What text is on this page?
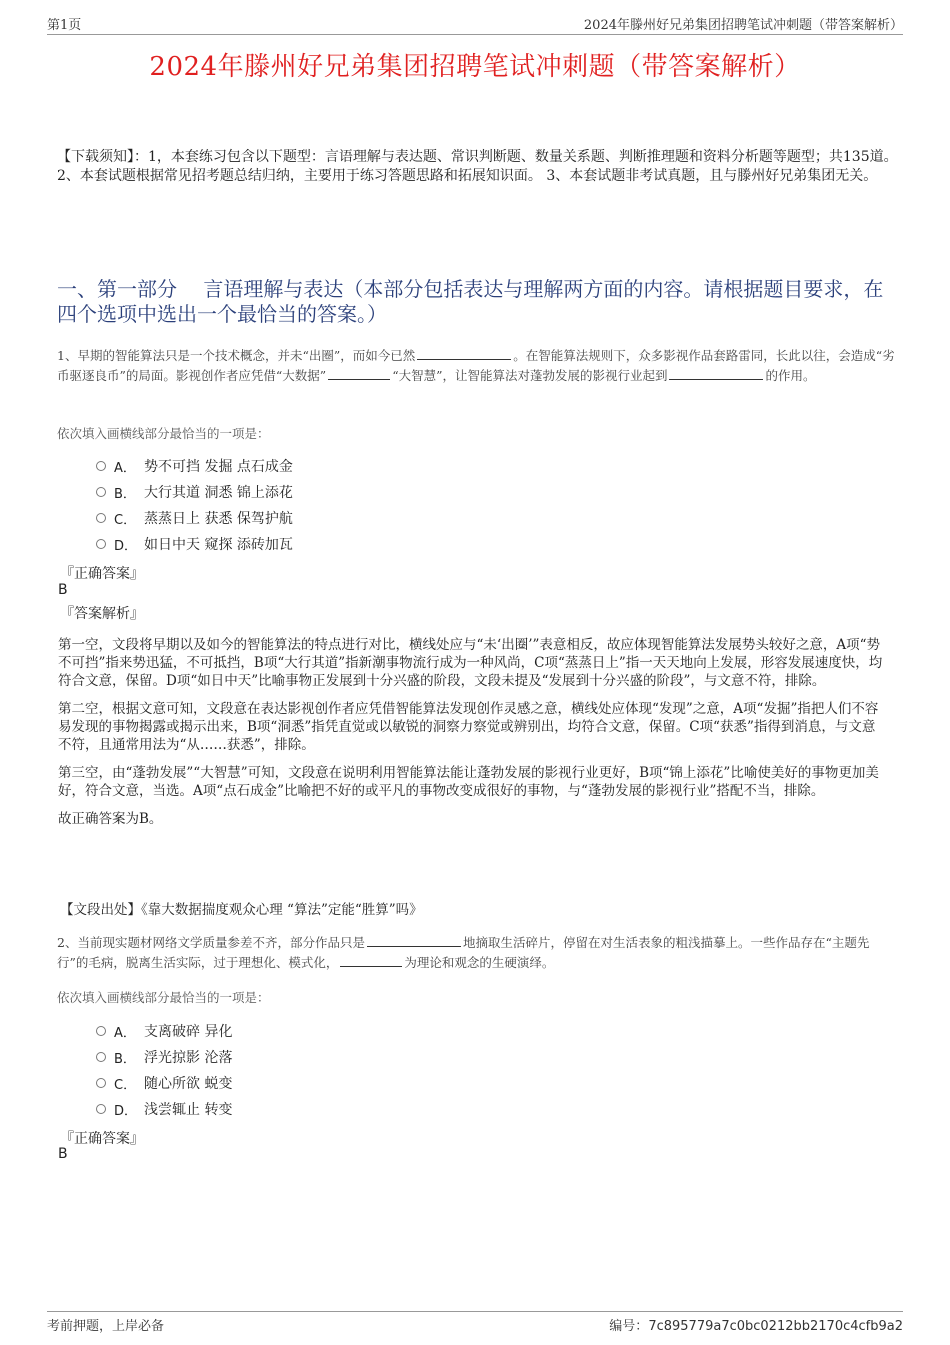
第1页	2024年滕州好兄弟集团招聘笔试冲刺题（带答案解析）
2024年滕州好兄弟集团招聘笔试冲刺题（带答案解析）
【下载须知】：1，本套练习包含以下题型：言语理解与表达题、常识判断题、数量关系题、判断推理题和资料分析题等题型；共135道。 2、本套试题根据常见招考题总结归纳，主要用于练习答题思路和拓展知识面。 3、本套试题非考试真题，且与滕州好兄弟集团无关。
一、第一部分　 言语理解与表达（本部分包括表达与理解两方面的内容。请根据题目要求，在四个选项中选出一个最恰当的答案。）
1、早期的智能算法只是一个技术概念，并未“出圈”，而如今已然	。在智能算法规则下，众多影视作品套路雷同，长此以往，会造成“劣币驱逐良币”的局面。影视创作者应凭借“大数据”	“大智慧”，让智能算法对蓬勃发展的影视行业起到	的作用。
依次填入画横线部分最恰当的一项是：
A． 势不可挡 发掘 点石成金
B． 大行其道 洞悉 锦上添花
C． 蒸蒸日上 获悉 保驾护航
D． 如日中天 窥探 添砖加瓦
『正确答案』
B
『答案解析』

第一空，文段将早期以及如今的智能算法的特点进行对比，横线处应与“未‘出圈’”表意相反，故应体现智能算法发展势头较好之意，A项“势不可挡”指来势迅猛，不可抵挡，B项“大行其道”指新潮事物流行成为一种风尚，C项“蒸蒸日上”指一天天地向上发展，形容发展速度快，均符合文意，保留。D项“如日中天”比喻事物正发展到十分兴盛的阶段，文段未提及“发展到十分兴盛的阶段”，与文意不符，排除。

第二空，根据文意可知，文段意在表达影视创作者应凭借智能算法发现创作灵感之意，横线处应体现“发现”之意，A项“发掘”指把人们不容易发现的事物揭露或揭示出来，B项“洞悉”指凭直觉或以敏锐的洞察力察觉或辨别出，均符合文意，保留。C项“获悉”指得到消息，与文意不符，且通常用法为“从……获悉”，排除。

第三空，由“蓬勃发展”“大智慧”可知，文段意在说明利用智能算法能让蓬勃发展的影视行业更好，B项“锦上添花”比喻使美好的事物更加美好，符合文意，当选。A项“点石成金”比喻把不好的或平凡的事物改变成很好的事物，与“蓬勃发展的影视行业”搭配不当，排除。

故正确答案为B。

【文段出处】《靠大数据揣度观众心理 “算法”定能“胜算”吗》
2、当前现实题材网络文学质量参差不齐，部分作品只是	地摘取生活碎片，停留在对生活表象的粗浅描摹上。一些作品存在“主题先行”的毛病，脱离生活实际，过于理想化、模式化，	为理论和观念的生硬演绎。
依次填入画横线部分最恰当的一项是：
A． 支离破碎 异化
B． 浮光掠影 沦落
C． 随心所欲 蜕变
D． 浅尝辄止 转变
『正确答案』
B
考前押题，上岸必备	编号：7c895779a7c0bc0212bb2170c4cfb9a2
